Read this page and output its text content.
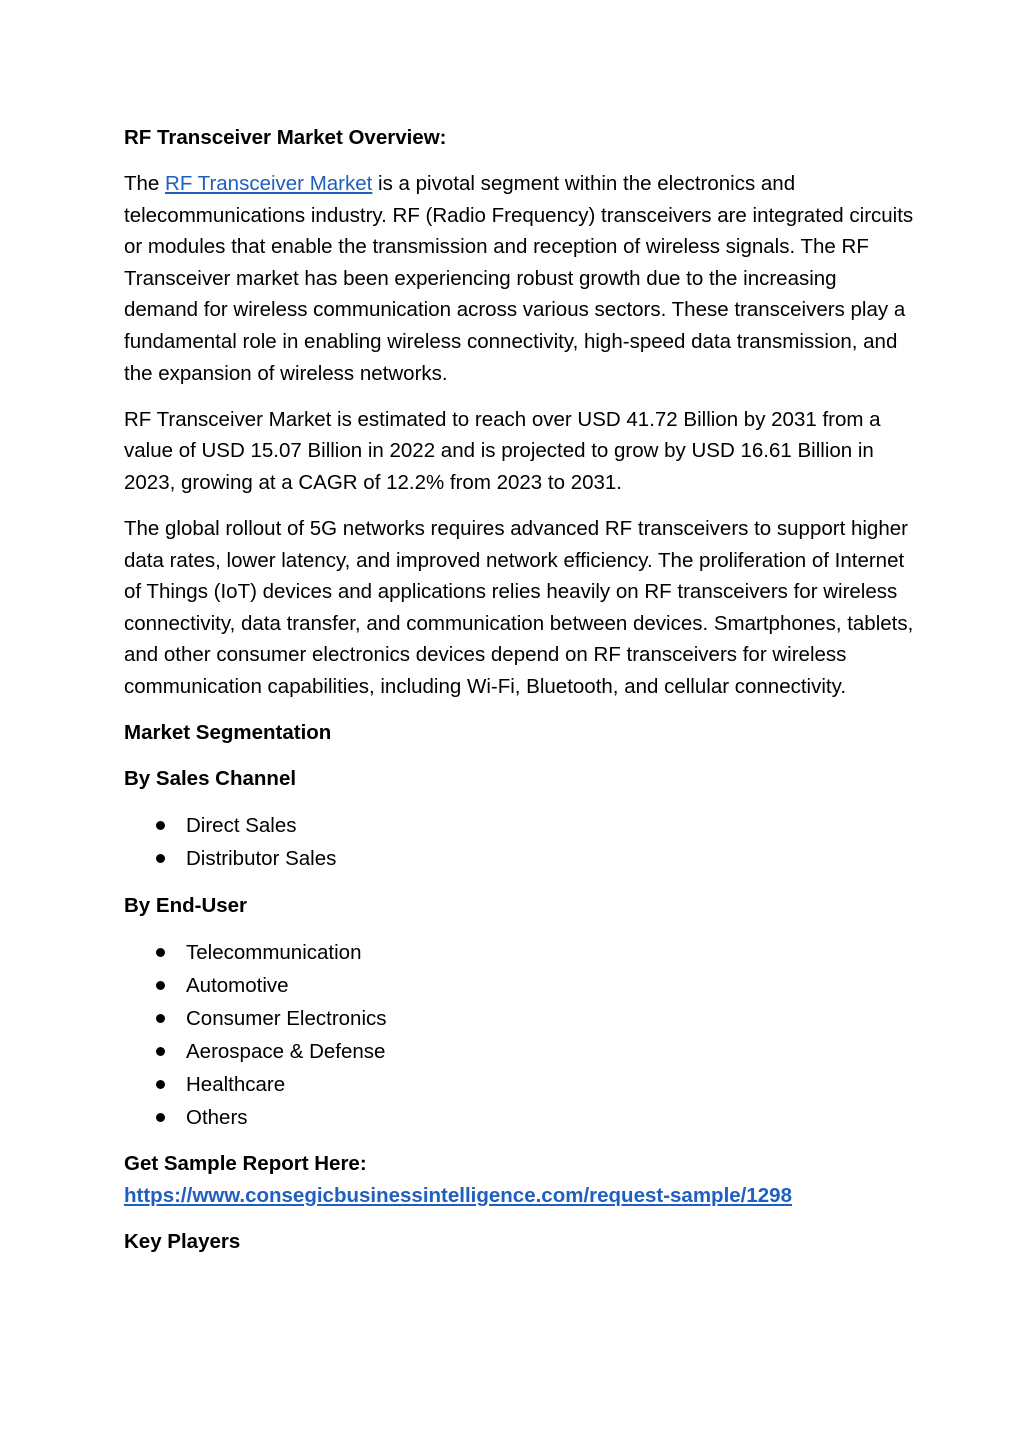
RF Transceiver Market Overview:

The RF Transceiver Market is a pivotal segment within the electronics and telecommunications industry. RF (Radio Frequency) transceivers are integrated circuits or modules that enable the transmission and reception of wireless signals. The RF Transceiver market has been experiencing robust growth due to the increasing demand for wireless communication across various sectors. These transceivers play a fundamental role in enabling wireless connectivity, high-speed data transmission, and the expansion of wireless networks.

RF Transceiver Market is estimated to reach over USD 41.72 Billion by 2031 from a value of USD 15.07 Billion in 2022 and is projected to grow by USD 16.61 Billion in 2023, growing at a CAGR of 12.2% from 2023 to 2031.

The global rollout of 5G networks requires advanced RF transceivers to support higher data rates, lower latency, and improved network efficiency. The proliferation of Internet of Things (IoT) devices and applications relies heavily on RF transceivers for wireless connectivity, data transfer, and communication between devices. Smartphones, tablets, and other consumer electronics devices depend on RF transceivers for wireless communication capabilities, including Wi-Fi, Bluetooth, and cellular connectivity.

Market Segmentation

By Sales Channel

Direct Sales
Distributor Sales

By End-User

Telecommunication
Automotive
Consumer Electronics
Aerospace & Defense
Healthcare
Others

Get Sample Report Here:
https://www.consegicbusinessintelligence.com/request-sample/1298

Key Players
